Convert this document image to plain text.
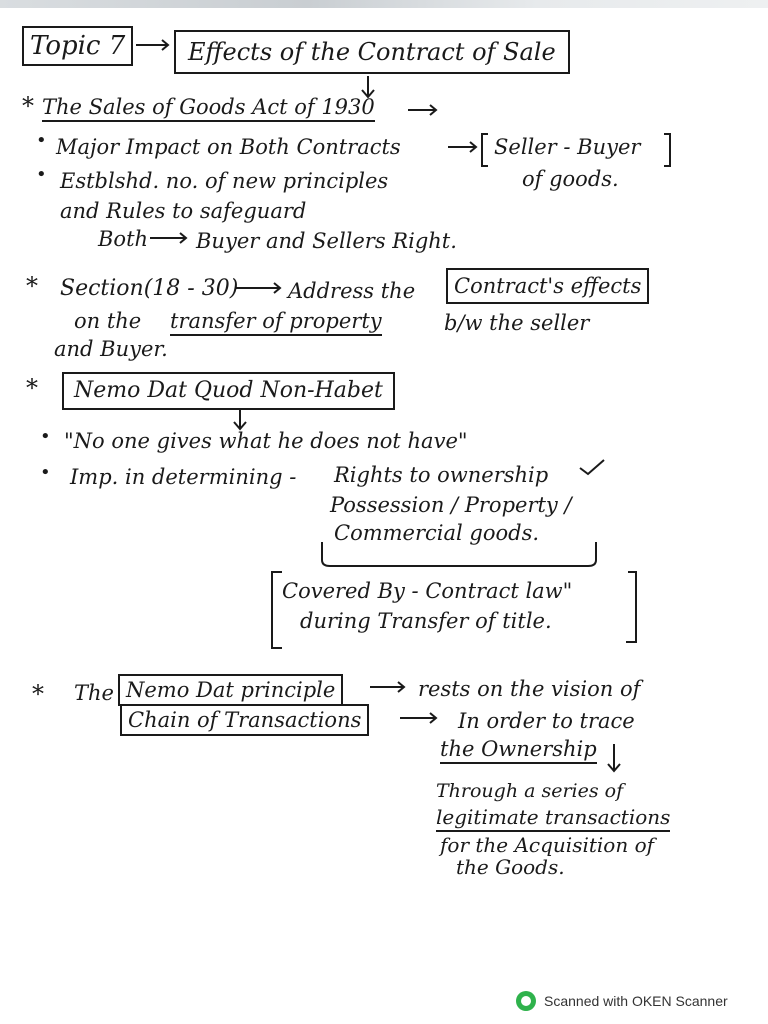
Topic 7	Effects of the Contract of Sale
* The Sales of Goods Act of 1930
• Major Impact on Both Contracts	Seller - Buyer
of goods.
• Estblshd. no. of new principles
and Rules to safeguard
Both Buyer and Sellers Right.
* Section(18 - 30) Address the	Contract's effects
on the transfer of property	b/w the seller
and Buyer.
*	Nemo Dat Quod Non-Habet
• "No one gives what he does not have"
• Imp. in determining - Rights to ownership
Possession / Property /
Commercial goods.
Covered By - Contract law"
during Transfer of title.
* The Nemo Dat principle	rests on the vision of
Chain of Transactions	In order to trace
the Ownership
Through a series of
legitimate transactions
for the Acquisition of
the Goods.
Scanned with OKEN Scanner
